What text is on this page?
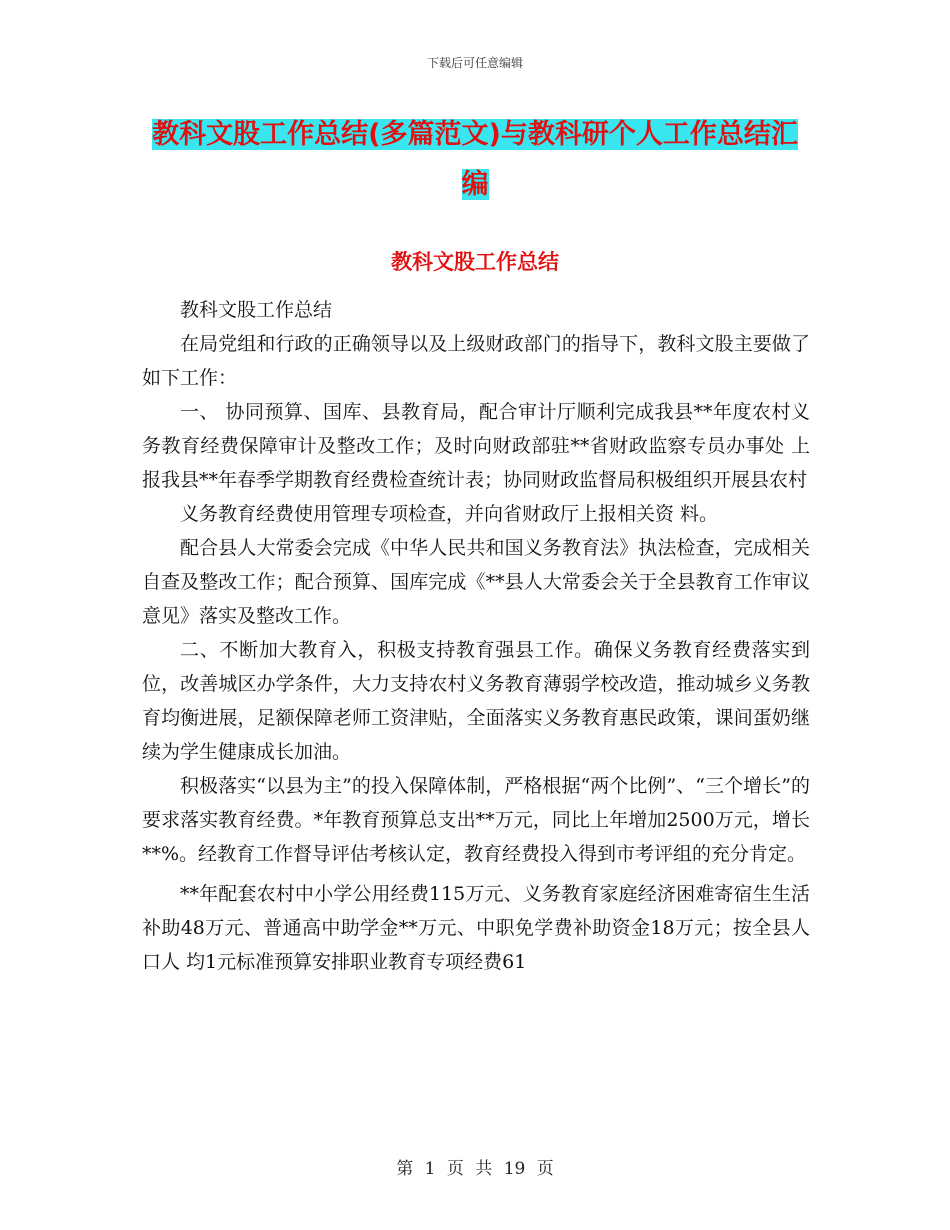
下载后可任意编辑
教科文股工作总结(多篇范文)与教科研个人工作总结汇编
教科文股工作总结

教科文股工作总结

在局党组和行政的正确领导以及上级财政部门的指导下，教科文股主要做了如下工作：

一、 协同预算、国库、县教育局，配合审计厅顺利完成我县**年度农村义务教育经费保障审计及整改工作；及时向财政部驻**省财政监察专员办事处 上报我县**年春季学期教育经费检查统计表；协同财政监督局积极组织开展县农村

义务教育经费使用管理专项检查，并向省财政厅上报相关资 料。

配合县人大常委会完成《中华人民共和国义务教育法》执法检查，完成相关自查及整改工作；配合预算、国库完成《**县人大常委会关于全县教育工作审议意见》落实及整改工作。

二、不断加大教育入，积极支持教育强县工作。确保义务教育经费落实到位，改善城区办学条件，大力支持农村义务教育薄弱学校改造，推动城乡义务教育均衡进展，足额保障老师工资津贴，全面落实义务教育惠民政策，课间蛋奶继续为学生健康成长加油。

积极落实“以县为主”的投入保障体制，严格根据“两个比例”、“三个增长”的要求落实教育经费。*年教育预算总支出**万元，同比上年增加2500万元，增长**%。经教育工作督导评估考核认定，教育经费投入得到市考评组的充分肯定。

**年配套农村中小学公用经费115万元、义务教育家庭经济困难寄宿生生活补助48万元、普通高中助学金**万元、中职免学费补助资金18万元；按全县人口人 均1元标准预算安排职业教育专项经费61

第 1 页 共 19 页
